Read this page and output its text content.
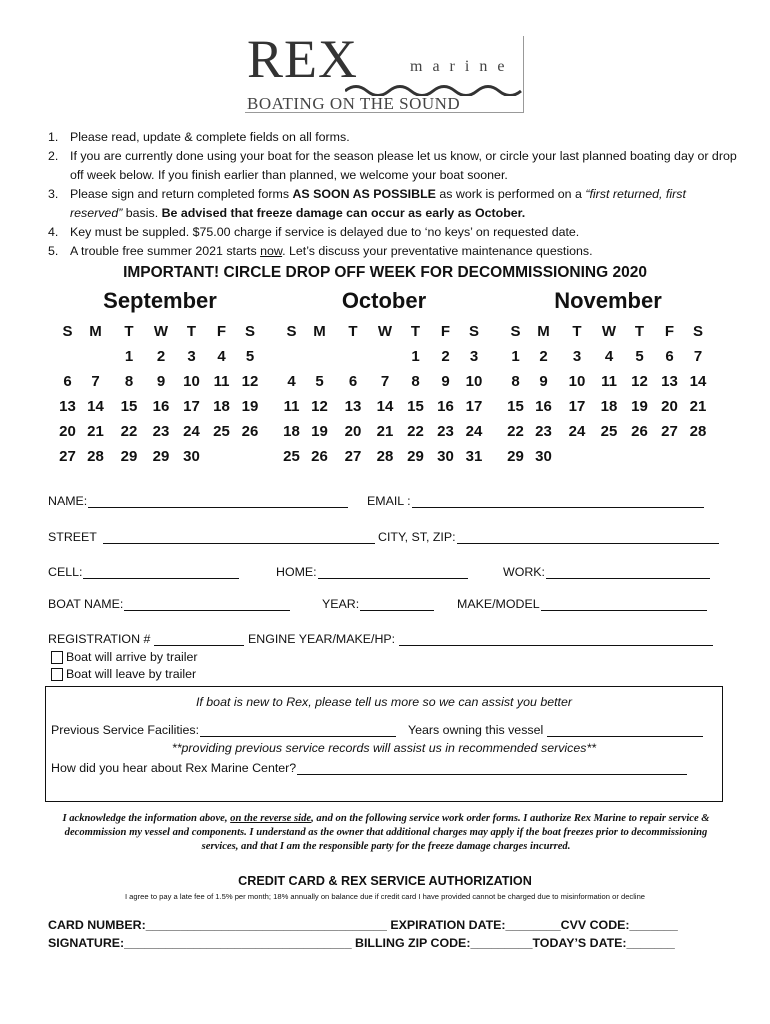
REX	marine
BOATING ON THE SOUND
1. Please read, update & complete fields on all forms.
2. If you are currently done using your boat for the season please let us know, or circle your last planned boating day or drop off week below. If you finish earlier than planned, we welcome your boat sooner.
3. Please sign and return completed forms AS SOON AS POSSIBLE as work is performed on a “first returned, first reserved” basis. Be advised that freeze damage can occur as early as October.
4. Key must be suppled. $75.00 charge if service is delayed due to ‘no keys’ on requested date.
5. A trouble free summer 2021 starts now. Let’s discuss your preventative maintenance questions.
IMPORTANT! CIRCLE DROP OFF WEEK FOR DECOMMISSIONING 2020
September
S	M	T	W	T	F	S
		1	2	3	4	5
6	7	8	9	10	11	12
13	14	15	16	17	18	19
20	21	22	23	24	25	26
27	28	29	29	30		
October
S	M	T	W	T	F	S
				1	2	3
4	5	6	7	8	9	10
11	12	13	14	15	16	17
18	19	20	21	22	23	24
25	26	27	28	29	30	31
November
S	M	T	W	T	F	S
1	2	3	4	5	6	7
8	9	10	11	12	13	14
15	16	17	18	19	20	21
22	23	24	25	26	27	28
29	30					
NAME:	EMAIL :
STREET	CITY, ST, ZIP:
CELL:	HOME:	WORK:
BOAT NAME:	YEAR:	MAKE/MODEL
REGISTRATION #	ENGINE YEAR/MAKE/HP:
Boat will arrive by trailer
Boat will leave by trailer
If boat is new to Rex, please tell us more so we can assist you better
Previous Service Facilities:	Years owning this vessel
**providing previous service records will assist us in recommended services**
How did you hear about Rex Marine Center?
I acknowledge the information above, on the reverse side, and on the following service work order forms. I authorize Rex Marine to repair service & decommission my vessel and components. I understand as the owner that additional charges may apply if the boat freezes prior to decommissioning services, and that I am the responsible party for the freeze damage charges incurred.
CREDIT CARD & REX SERVICE AUTHORIZATION
I agree to pay a late fee of 1.5% per month; 18% annually on balance due if credit card I have provided cannot be charged due to misinformation or decline
CARD NUMBER:___________________________________ EXPIRATION DATE:________CVV CODE:_______
SIGNATURE:_________________________________ BILLING ZIP CODE:_________TODAY’S DATE:_______
